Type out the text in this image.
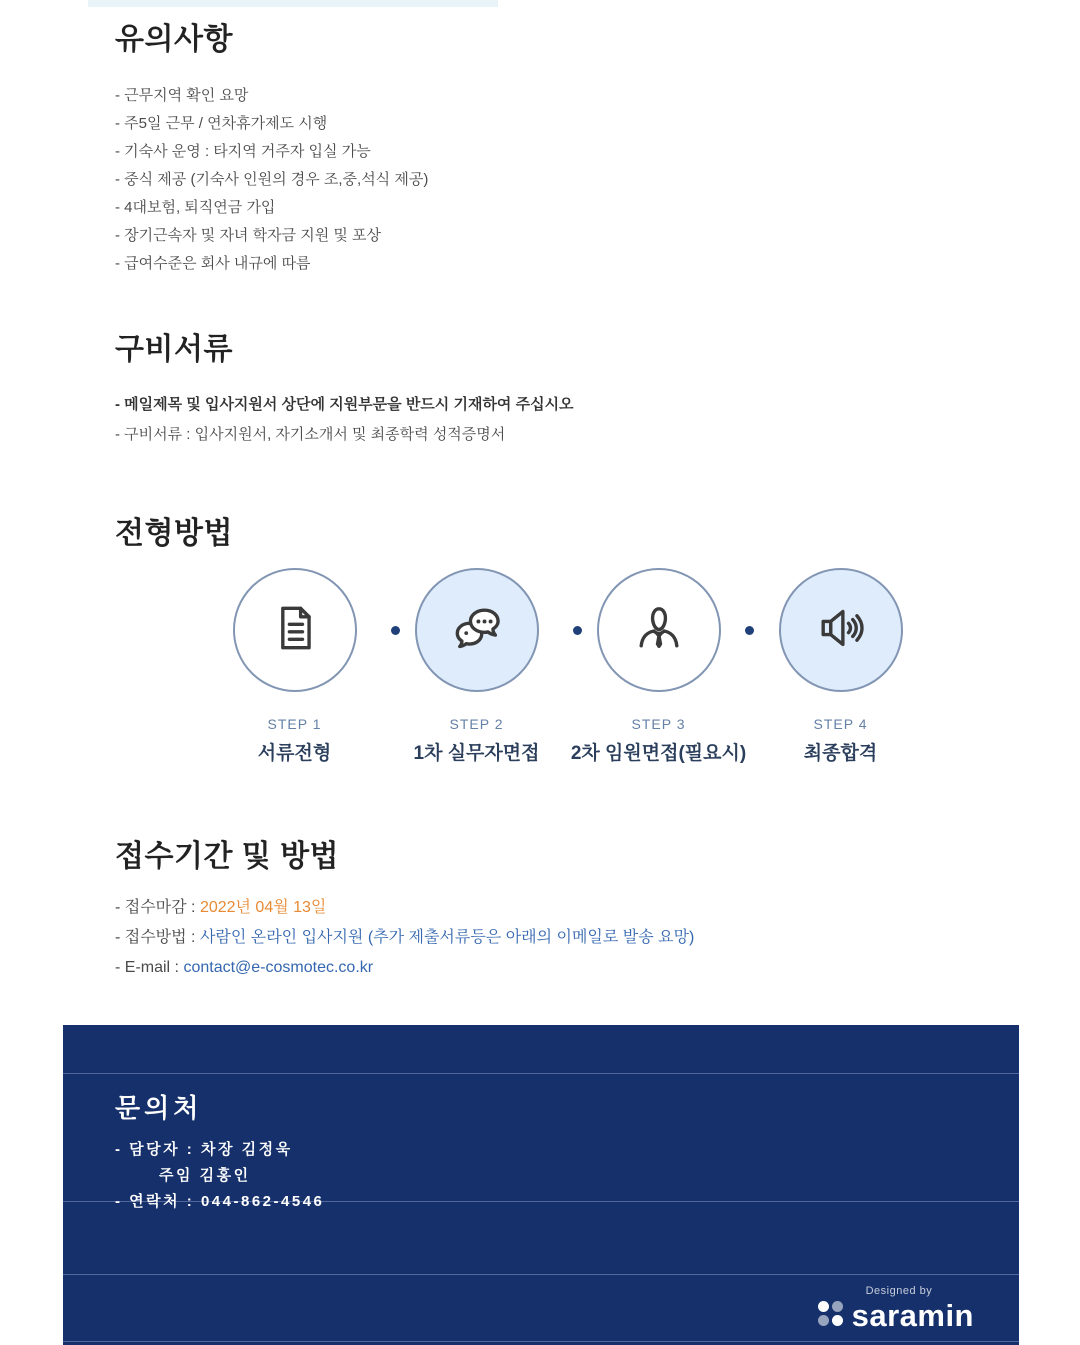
유의사항
- 근무지역 확인 요망
- 주5일 근무 / 연차휴가제도 시행
- 기숙사 운영 : 타지역 거주자 입실 가능
- 중식 제공 (기숙사 인원의 경우 조,중,석식 제공)
- 4대보험, 퇴직연금 가입
- 장기근속자 및 자녀 학자금 지원 및 포상
- 급여수준은 회사 내규에 따름
구비서류
- 메일제목 및 입사지원서 상단에 지원부문을 반드시 기재하여 주십시오
- 구비서류 : 입사지원서, 자기소개서 및 최종학력 성적증명서
전형방법
STEP 1
서류전형
STEP 2
1차 실무자면접
STEP 3
2차 임원면접(필요시)
STEP 4
최종합격
접수기간 및 방법
- 접수마감 : 2022년 04월 13일
- 접수방법 : 사람인 온라인 입사지원 (추가 제출서류등은 아래의 이메일로 발송 요망)
- E-mail : contact@e-cosmotec.co.kr
문의처
- 담당자 : 차장 김정욱
주임 김홍인
- 연락처 : 044-862-4546
Designed by
saramin
